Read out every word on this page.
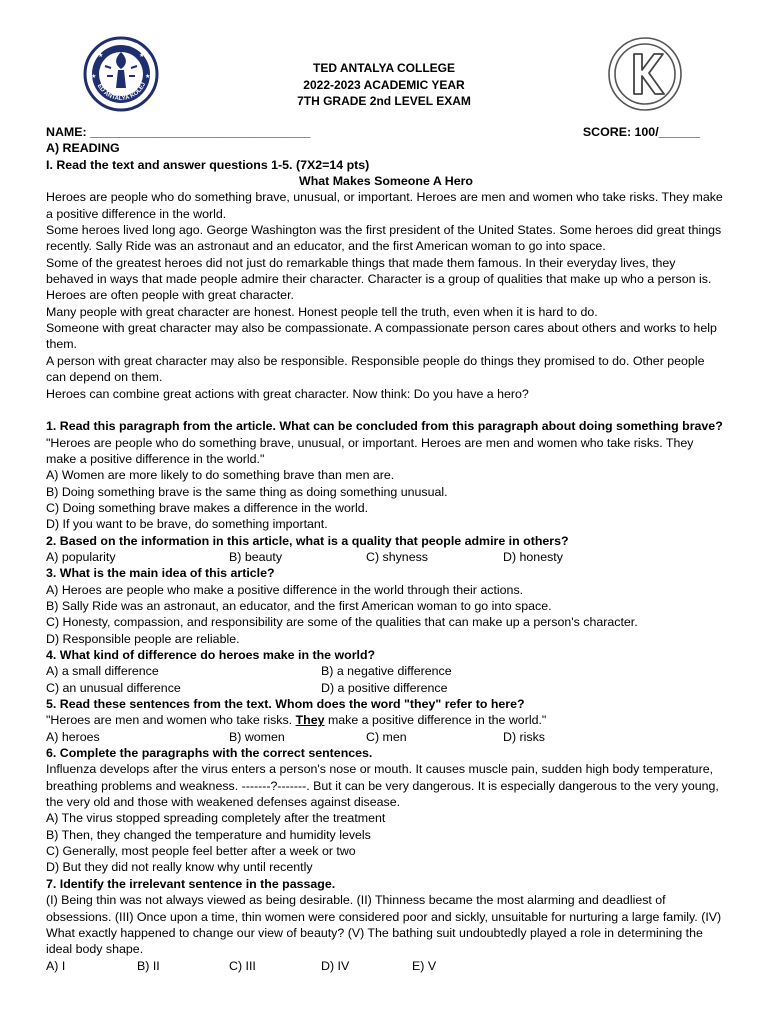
★	★
★	★
ED ANTALYA KOLEJ
TED ANTALYA COLLEGE
2022-2023 ACADEMIC YEAR
7TH GRADE 2nd LEVEL EXAM
NAME: ________________________________	SCORE: 100/______

A) READING

I. Read the text and answer questions 1-5. (7X2=14 pts)

What Makes Someone A Hero

Heroes are people who do something brave, unusual, or important. Heroes are men and women who take risks. They make a positive difference in the world.

Some heroes lived long ago. George Washington was the first president of the United States. Some heroes did great things recently. Sally Ride was an astronaut and an educator, and the first American woman to go into space.

Some of the greatest heroes did not just do remarkable things that made them famous. In their everyday lives, they behaved in ways that made people admire their character. Character is a group of qualities that make up who a person is. Heroes are often people with great character.

Many people with great character are honest. Honest people tell the truth, even when it is hard to do.

Someone with great character may also be compassionate. A compassionate person cares about others and works to help them.

A person with great character may also be responsible. Responsible people do things they promised to do. Other people can depend on them.

Heroes can combine great actions with great character. Now think: Do you have a hero?

1. Read this paragraph from the article. What can be concluded from this paragraph about doing something brave?

"Heroes are people who do something brave, unusual, or important. Heroes are men and women who take risks. They make a positive difference in the world."

A) Women are more likely to do something brave than men are.

B) Doing something brave is the same thing as doing something unusual.

C) Doing something brave makes a difference in the world.

D) If you want to be brave, do something important.

2. Based on the information in this article, what is a quality that people admire in others?

A) popularity	B) beauty	C) shyness	D) honesty

3. What is the main idea of this article?

A) Heroes are people who make a positive difference in the world through their actions.

B) Sally Ride was an astronaut, an educator, and the first American woman to go into space.

C) Honesty, compassion, and responsibility are some of the qualities that can make up a person's character.

D) Responsible people are reliable.

4. What kind of difference do heroes make in the world?

A) a small difference	B) a negative difference
C) an unusual difference	D) a positive difference

5. Read these sentences from the text. Whom does the word "they" refer to here?

"Heroes are men and women who take risks. They make a positive difference in the world."

A) heroes	B) women	C) men	D) risks

6. Complete the paragraphs with the correct sentences.

Influenza develops after the virus enters a person's nose or mouth. It causes muscle pain, sudden high body temperature, breathing problems and weakness. -------?-------. But it can be very dangerous. It is especially dangerous to the very young, the very old and those with weakened defenses against disease.

A) The virus stopped spreading completely after the treatment

B) Then, they changed the temperature and humidity levels

C) Generally, most people feel better after a week or two

D) But they did not really know why until recently

7. Identify the irrelevant sentence in the passage.

(I) Being thin was not always viewed as being desirable. (II) Thinness became the most alarming and deadliest of obsessions. (III) Once upon a time, thin women were considered poor and sickly, unsuitable for nurturing a large family. (IV) What exactly happened to change our view of beauty? (V) The bathing suit undoubtedly played a role in determining the ideal body shape.

A) I	B) II	C) III	D) IV	E) V
